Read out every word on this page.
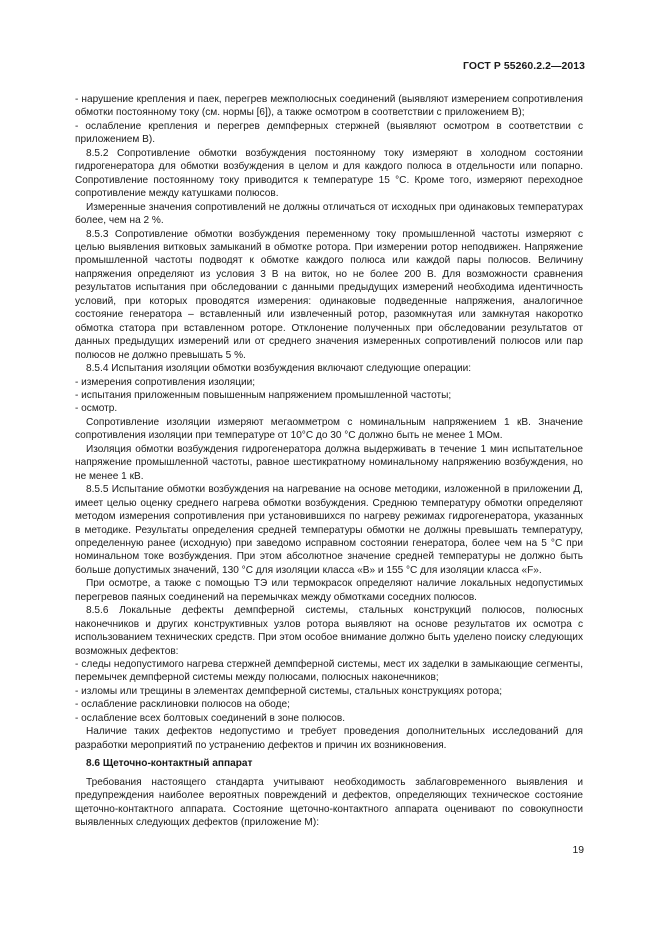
ГОСТ Р 55260.2.2—2013

- нарушение крепления и паек, перегрев межполюсных соединений (выявляют измерением сопротивления обмотки постоянному току (см. нормы [6]), а также осмотром в соответствии с приложением В);

- ослабление крепления и перегрев демпферных стержней (выявляют осмотром в соответствии с приложением В).

8.5.2 Сопротивление обмотки возбуждения постоянному току измеряют в холодном состоянии гидрогенератора для обмотки возбуждения в целом и для каждого полюса в отдельности или попарно. Сопротивление постоянному току приводится к температуре 15 °С. Кроме того, измеряют переходное сопротивление между катушками полюсов.

Измеренные значения сопротивлений не должны отличаться от исходных при одинаковых температурах более, чем на 2 %.

8.5.3 Сопротивление обмотки возбуждения переменному току промышленной частоты измеряют с целью выявления витковых замыканий в обмотке ротора. При измерении ротор неподвижен. Напряжение промышленной частоты подводят к обмотке каждого полюса или каждой пары полюсов. Величину напряжения определяют из условия 3 В на виток, но не более 200 В. Для возможности сравнения результатов испытания при обследовании с данными предыдущих измерений необходима идентичность условий, при которых проводятся измерения: одинаковые подведенные напряжения, аналогичное состояние генератора – вставленный или извлеченный ротор, разомкнутая или замкнутая накоротко обмотка статора при вставленном роторе. Отклонение полученных при обследовании результатов от данных предыдущих измерений или от среднего значения измеренных сопротивлений полюсов или пар полюсов не должно превышать 5 %.

8.5.4 Испытания изоляции обмотки возбуждения включают следующие операции:

- измерения сопротивления изоляции;

- испытания приложенным повышенным напряжением промышленной частоты;

- осмотр.

Сопротивление изоляции измеряют мегаомметром с номинальным напряжением 1 кВ. Значение сопротивления изоляции при температуре от 10°С до 30 °С должно быть не менее 1 МОм.

Изоляция обмотки возбуждения гидрогенератора должна выдерживать в течение 1 мин испытательное напряжение промышленной частоты, равное шестикратному номинальному напряжению возбуждения, но не менее 1 кВ.

8.5.5 Испытание обмотки возбуждения на нагревание на основе методики, изложенной в приложении Д, имеет целью оценку среднего нагрева обмотки возбуждения. Среднюю температуру обмотки определяют методом измерения сопротивления при установившихся по нагреву режимах гидрогенератора, указанных в методике. Результаты определения средней температуры обмотки не должны превышать температуру, определенную ранее (исходную) при заведомо исправном состоянии генератора, более чем на 5 °С при номинальном токе возбуждения. При этом абсолютное значение средней температуры не должно быть больше допустимых значений, 130 °С для изоляции класса «В» и 155 °С для изоляции класса «F».

При осмотре, а также с помощью ТЭ или термокрасок определяют наличие локальных недопустимых перегревов паяных соединений на перемычках между обмотками соседних полюсов.

8.5.6 Локальные дефекты демпферной системы, стальных конструкций полюсов, полюсных наконечников и других конструктивных узлов ротора выявляют на основе результатов их осмотра с использованием технических средств. При этом особое внимание должно быть уделено поиску следующих возможных дефектов:

- следы недопустимого нагрева стержней демпферной системы, мест их заделки в замыкающие сегменты, перемычек демпферной системы между полюсами, полюсных наконечников;

- изломы или трещины в элементах демпферной системы, стальных конструкциях ротора;

- ослабление расклиновки полюсов на ободе;

- ослабление всех болтовых соединений в зоне полюсов.

Наличие таких дефектов недопустимо и требует проведения дополнительных исследований для разработки мероприятий по устранению дефектов и причин их возникновения.

8.6 Щеточно-контактный аппарат

Требования настоящего стандарта учитывают необходимость заблаговременного выявления и предупреждения наиболее вероятных повреждений и дефектов, определяющих техническое состояние щеточно-контактного аппарата. Состояние щеточно-контактного аппарата оценивают по совокупности выявленных следующих дефектов (приложение М):

19
